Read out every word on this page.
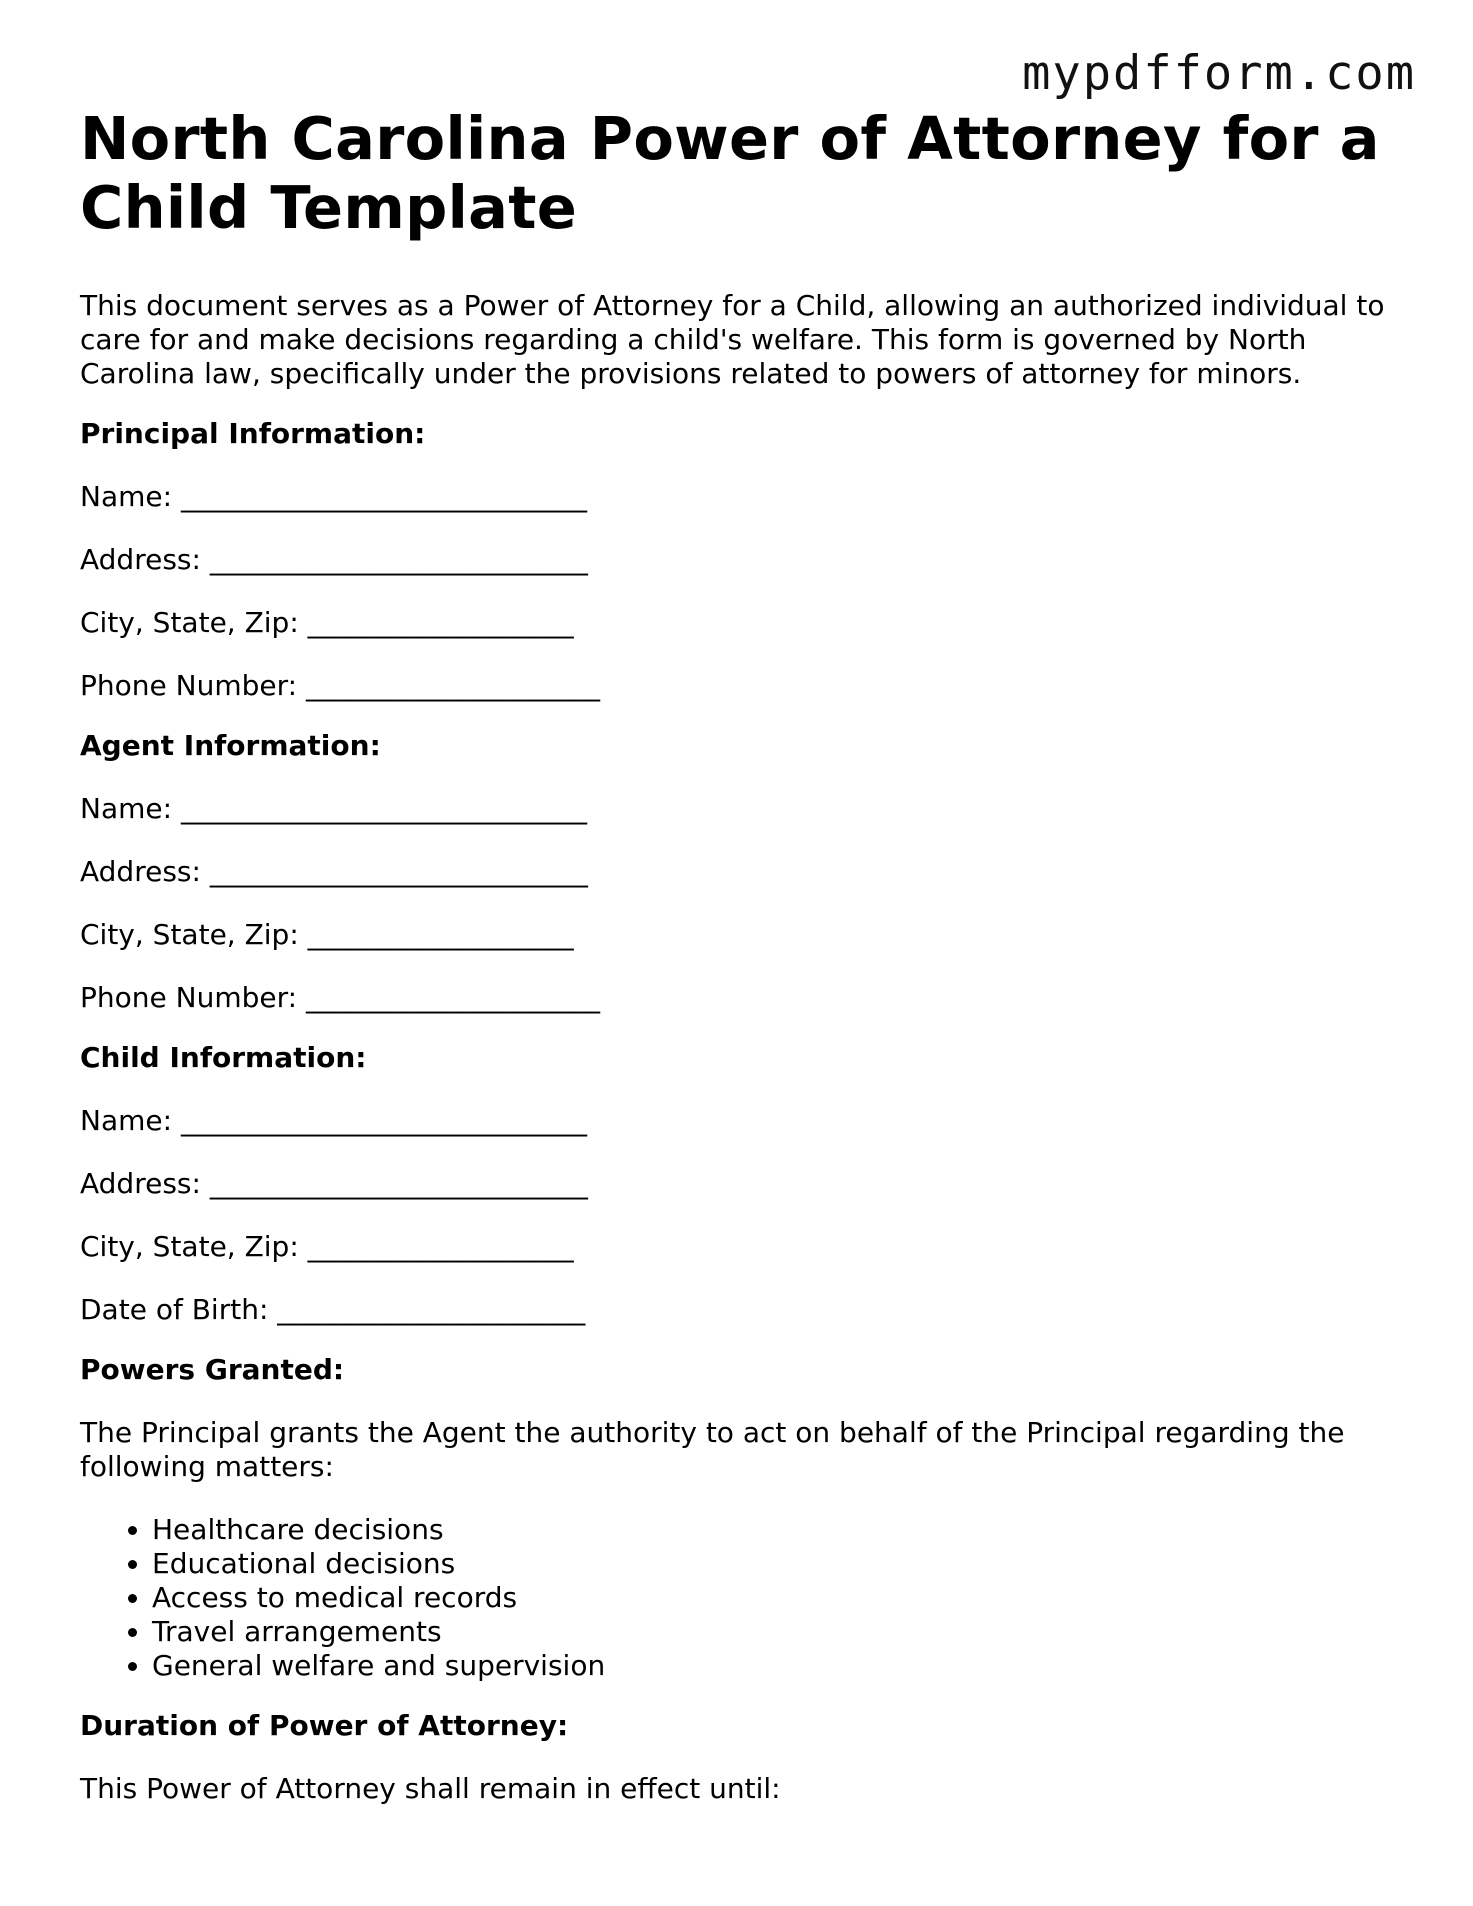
mypdfform.com
North Carolina Power of Attorney for a Child Template

This document serves as a Power of Attorney for a Child, allowing an authorized individual to care for and make decisions regarding a child's welfare. This form is governed by North Carolina law, specifically under the provisions related to powers of attorney for minors.

Principal Information:
Name: _____________________________
Address: ___________________________
City, State, Zip: ___________________
Phone Number: _____________________
Agent Information:
Name: _____________________________
Address: ___________________________
City, State, Zip: ___________________
Phone Number: _____________________
Child Information:
Name: _____________________________
Address: ___________________________
City, State, Zip: ___________________
Date of Birth: ______________________
Powers Granted:

The Principal grants the Agent the authority to act on behalf of the Principal regarding the following matters:

• Healthcare decisions
• Educational decisions
• Access to medical records
• Travel arrangements
• General welfare and supervision
Duration of Power of Attorney:

This Power of Attorney shall remain in effect until:
